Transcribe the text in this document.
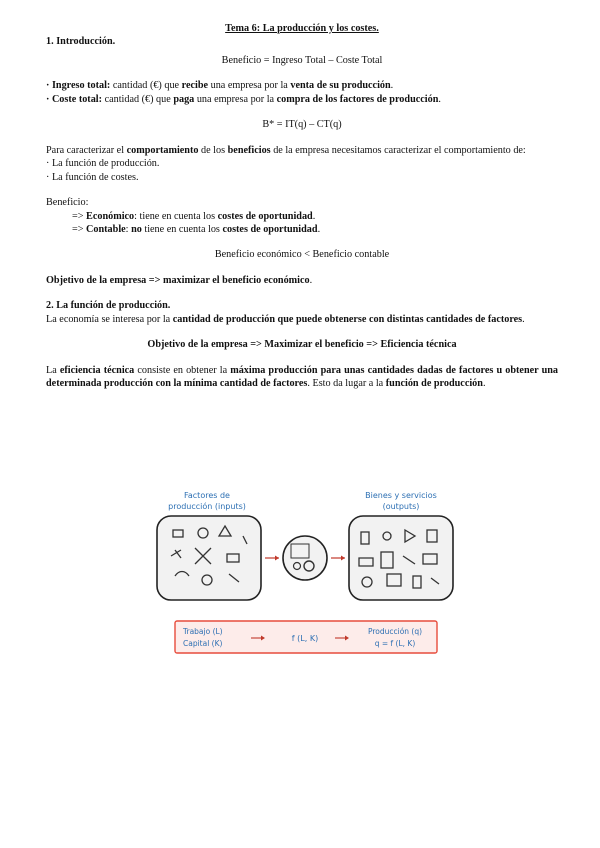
Tema 6: La producción y los costes.
1. Introducción.
Beneficio = Ingreso Total – Coste Total
· Ingreso total: cantidad (€) que recibe una empresa por la venta de su producción.
· Coste total: cantidad (€) que paga una empresa por la compra de los factores de producción.
B* = IT(q) – CT(q)
Para caracterizar el comportamiento de los beneficios de la empresa necesitamos caracterizar el comportamiento de:
· La función de producción.
· La función de costes.
Beneficio:
=> Económico: tiene en cuenta los costes de oportunidad.
=> Contable: no tiene en cuenta los costes de oportunidad.
Beneficio económico < Beneficio contable
Objetivo de la empresa => maximizar el beneficio económico.
2. La función de producción.
La economía se interesa por la cantidad de producción que puede obtenerse con distintas cantidades de factores.
Objetivo de la empresa => Maximizar el beneficio => Eficiencia técnica
La eficiencia técnica consiste en obtener la máxima producción para unas cantidades dadas de factores u obtener una determinada producción con la mínima cantidad de factores. Esto da lugar a la función de producción.
Factores de
producción (inputs)
Bienes y servicios
(outputs)
Trabajo (L)
Capital (K)
f (L, K)
Producción (q)
q = f (L, K)
